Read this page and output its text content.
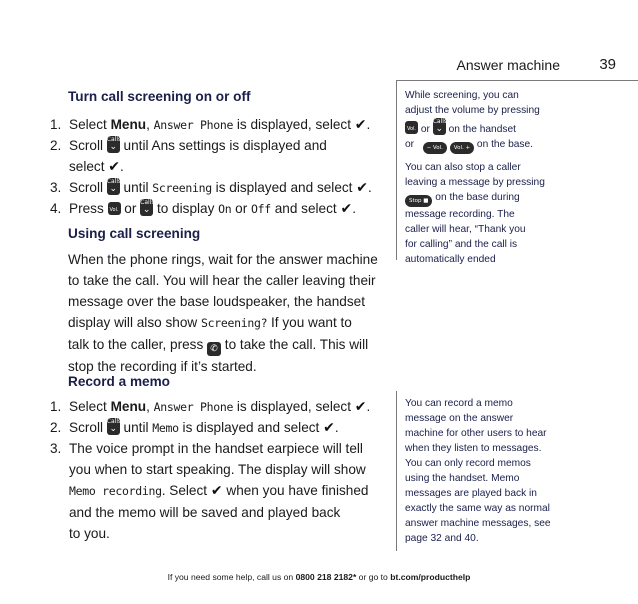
Answer machine	39
Turn call screening on or off
1. Select Menu, Answer Phone is displayed, select ✔.
2. Scroll Calls
⌄ until Ans settings is displayed and
select ✔.
3. Scroll Calls
⌄ until Screening is displayed and select ✔.
4. Press Vol. or Calls
⌄ to display On or Off and select ✔.
Using call screening
When the phone rings, wait for the answer machine
to take the call. You will hear the caller leaving their
message over the base loudspeaker, the handset
display will also show Screening? If you want to
talk to the caller, press ✆ to take the call. This will
stop the recording if it’s started.
Record a memo
1. Select Menu, Answer Phone is displayed, select ✔.
2. Scroll Calls
⌄ until Memo is displayed and select ✔.
3. The voice prompt in the handset earpiece will tell
you when to start speaking. The display will show
Memo recording. Select ✔ when you have finished
and the memo will be saved and played back
to you.

While screening, you can
adjust the volume by pressing

Vol. or
Calls
⌄ on the handset
or   − Vol. Vol. + on the base.

You can also stop a caller
leaving a message by pressing
Stop ■ on the base during
message recording. The
caller will hear, “Thank you
for calling” and the call is
automatically ended

You can record a memo
message on the answer
machine for other users to hear
when they listen to messages.
You can only record memos
using the handset. Memo
messages are played back in
exactly the same way as normal
answer machine messages, see
page 32 and 40.
If you need some help, call us on 0800 218 2182* or go to bt.com/producthelp
